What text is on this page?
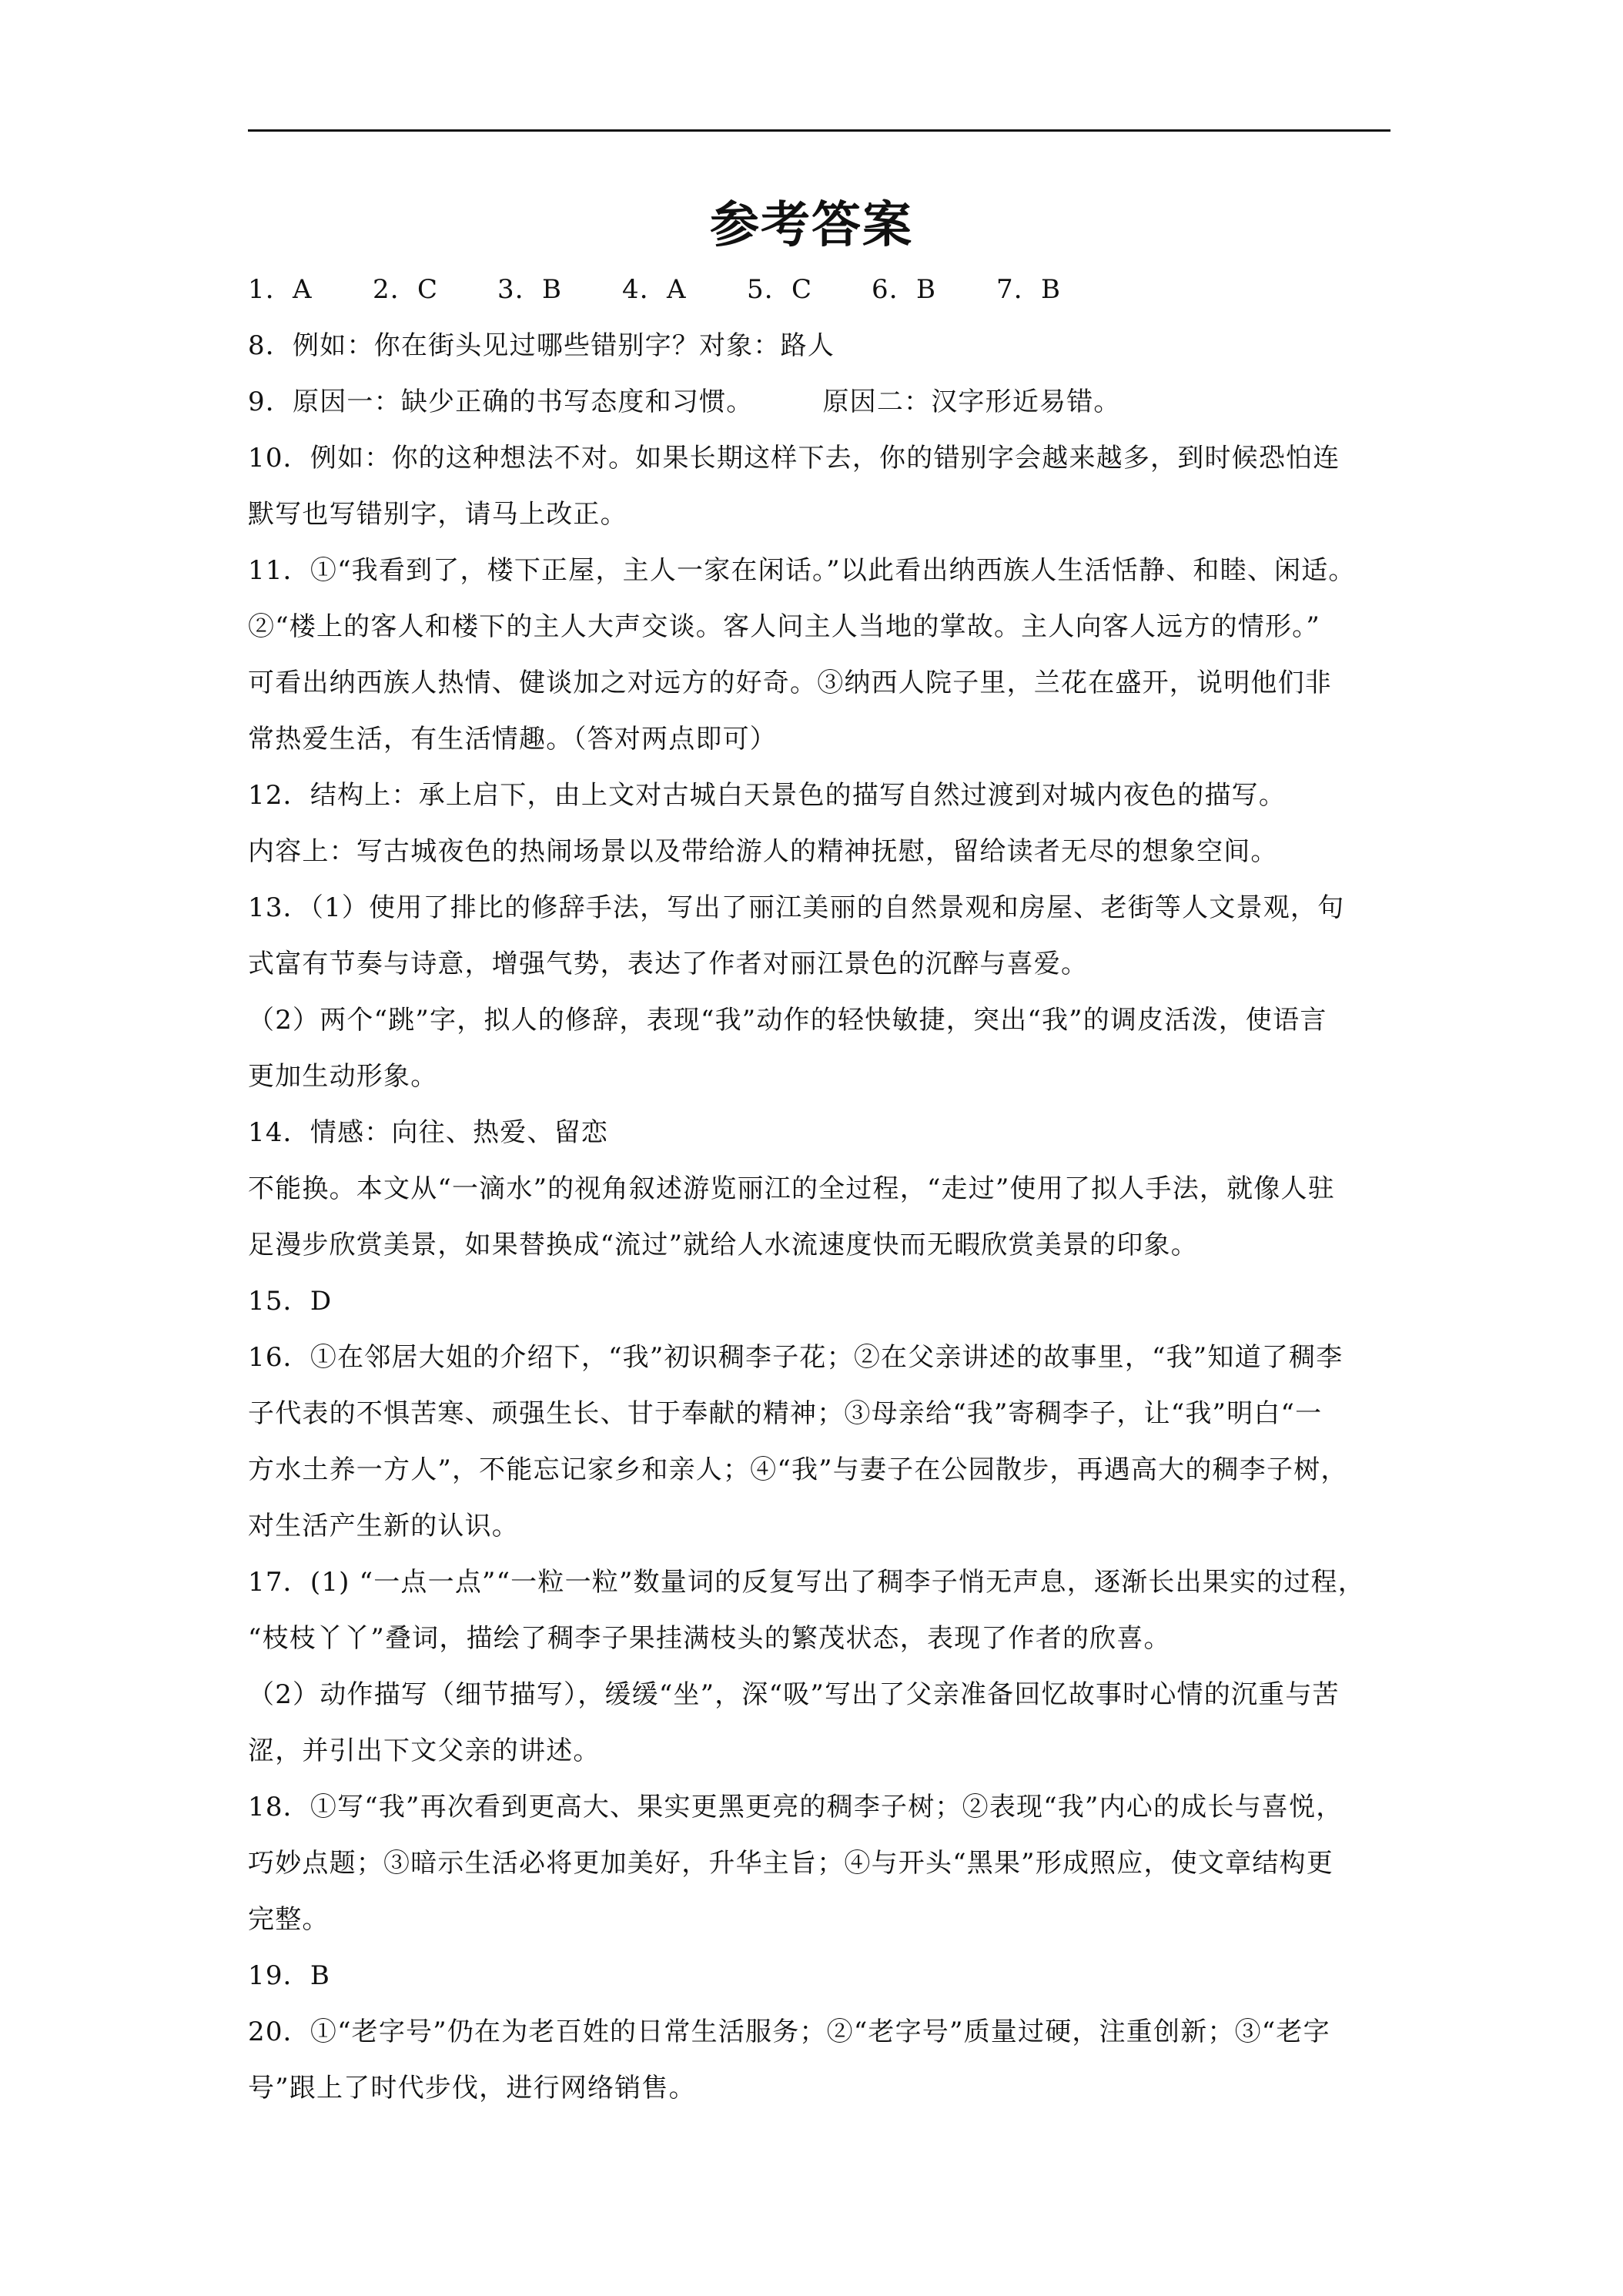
参考答案
1．A	2．C	3．B	4．A	5．C	6．B	7．B
8．例如：你在街头见过哪些错别字？对象：路人
9．原因一：缺少正确的书写态度和习惯。	原因二：汉字形近易错。
10．例如：你的这种想法不对。如果长期这样下去，你的错别字会越来越多，到时候恐怕连
默写也写错别字，请马上改正。
11．①“我看到了，楼下正屋，主人一家在闲话。”以此看出纳西族人生活恬静、和睦、闲适。
②“楼上的客人和楼下的主人大声交谈。客人问主人当地的掌故。主人向客人远方的情形。”
可看出纳西族人热情、健谈加之对远方的好奇。③纳西人院子里，兰花在盛开，说明他们非
常热爱生活，有生活情趣。（答对两点即可）
12．结构上：承上启下，由上文对古城白天景色的描写自然过渡到对城内夜色的描写。
内容上：写古城夜色的热闹场景以及带给游人的精神抚慰，留给读者无尽的想象空间。
13．（1）使用了排比的修辞手法，写出了丽江美丽的自然景观和房屋、老街等人文景观，句
式富有节奏与诗意，增强气势，表达了作者对丽江景色的沉醉与喜爱。
（2）两个“跳”字，拟人的修辞，表现“我”动作的轻快敏捷，突出“我”的调皮活泼，使语言
更加生动形象。
14．情感：向往、热爱、留恋
不能换。本文从“一滴水”的视角叙述游览丽江的全过程，“走过”使用了拟人手法，就像人驻
足漫步欣赏美景，如果替换成“流过”就给人水流速度快而无暇欣赏美景的印象。
15．D
16．①在邻居大姐的介绍下，“我”初识稠李子花；②在父亲讲述的故事里，“我”知道了稠李
子代表的不惧苦寒、顽强生长、甘于奉献的精神；③母亲给“我”寄稠李子，让“我”明白“一
方水土养一方人”，不能忘记家乡和亲人；④“我”与妻子在公园散步，再遇高大的稠李子树，
对生活产生新的认识。
17．(1) “一点一点”“一粒一粒”数量词的反复写出了稠李子悄无声息，逐渐长出果实的过程，
“枝枝丫丫”叠词，描绘了稠李子果挂满枝头的繁茂状态，表现了作者的欣喜。
（2）动作描写（细节描写），缓缓“坐”，深“吸”写出了父亲准备回忆故事时心情的沉重与苦
涩，并引出下文父亲的讲述。
18．①写“我”再次看到更高大、果实更黑更亮的稠李子树；②表现“我”内心的成长与喜悦，
巧妙点题；③暗示生活必将更加美好，升华主旨；④与开头“黑果”形成照应，使文章结构更
完整。
19．B
20．①“老字号”仍在为老百姓的日常生活服务；②“老字号”质量过硬，注重创新；③“老字
号”跟上了时代步伐，进行网络销售。
